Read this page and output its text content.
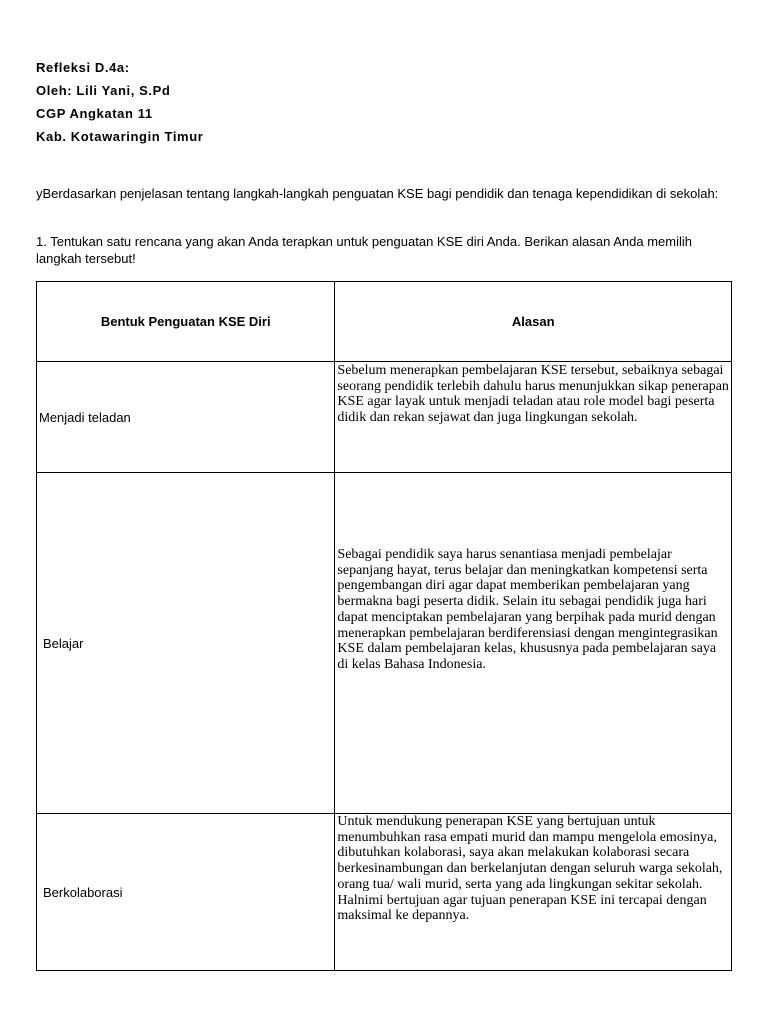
Refleksi D.4a:
Oleh: Lili Yani, S.Pd
CGP Angkatan 11
Kab. Kotawaringin Timur
yBerdasarkan penjelasan tentang langkah-langkah penguatan KSE bagi pendidik dan tenaga kependidikan di sekolah:
1. Tentukan satu rencana yang akan Anda terapkan untuk penguatan KSE diri Anda. Berikan alasan Anda memilih langkah tersebut!
Bentuk Penguatan KSE Diri	Alasan
Menjadi teladan	Sebelum menerapkan pembelajaran KSE tersebut, sebaiknya sebagai seorang pendidik terlebih dahulu harus menunjukkan sikap penerapan KSE agar layak untuk menjadi teladan atau role model bagi peserta didik dan rekan sejawat dan juga lingkungan sekolah.
Belajar	Sebagai pendidik saya harus senantiasa menjadi pembelajar sepanjang hayat, terus belajar dan meningkatkan kompetensi serta pengembangan diri agar dapat memberikan pembelajaran yang bermakna bagi peserta didik. Selain itu sebagai pendidik juga hari dapat menciptakan pembelajaran yang berpihak pada murid dengan menerapkan pembelajaran berdiferensiasi dengan mengintegrasikan KSE dalam pembelajaran kelas, khususnya pada pembelajaran saya di kelas Bahasa Indonesia.
Berkolaborasi	Untuk mendukung penerapan KSE yang bertujuan untuk menumbuhkan rasa empati murid dan mampu mengelola emosinya, dibutuhkan kolaborasi, saya akan melakukan kolaborasi secara berkesinambungan dan berkelanjutan dengan seluruh warga sekolah, orang tua/ wali murid, serta yang ada lingkungan sekitar sekolah. Halnimi bertujuan agar tujuan penerapan KSE ini tercapai dengan maksimal ke depannya.
